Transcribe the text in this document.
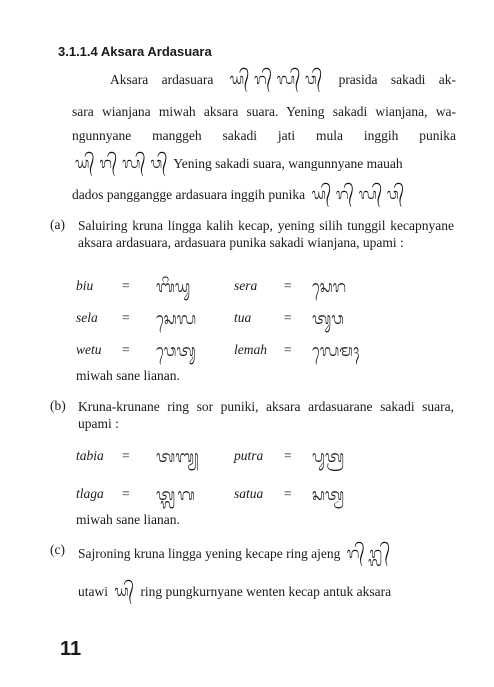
3.1.1.4 Aksara Ardasuara
Aksara ardasuara ᬬ᭄ ᬭ᭄ ᬮ᭄ ᬯ᭄ prasida sakadi ak-
sara wianjana miwah aksara suara. Yening sakadi wianjana, wa-
ngunnyane manggeh sakadi jati mula inggih punika
ᬬ᭄ ᬭ᭄ ᬮ᭄ ᬯ᭄ Yening sakadi suara, wangunnyane mauah
dados panggangge ardasuara inggih punika ᬬ᭄ ᬭ᭄ ᬮ᭄ ᬯ᭄
(a) Saluiring kruna lingga kalih kecap, yening silih tunggil kecapnyane aksara ardasuara, ardasuara punika sakadi wianjana, upami :
biu = ᬩᬶᬬᬸ	sera = ᬲᬾᬭ
sela = ᬲᬾᬮ	tua = ᬢᬸᬯ
wetu = ᬯᬾᬢᬸ	lemah = ᬮᬾᬫᬄ
miwah sane lianan.
(b) Kruna-krunane ring sor puniki, aksara ardasuarane sakadi suara, upami :
tabia = ᬢᬩ᭄ᬬ	putra = ᬧᬸᬢ᭄ᬭ
tlaga = ᬢ᭄ᬮᬕ	satua = ᬲᬢ᭄ᬯ
miwah sane lianan.
(c) Sajroning kruna lingga yening kecape ring ajeng ᬭ᭄ ᬭ᭄ᬮ᭄
utawi ᬬ᭄ ring pungkurnyane wenten kecap antuk aksara
11
